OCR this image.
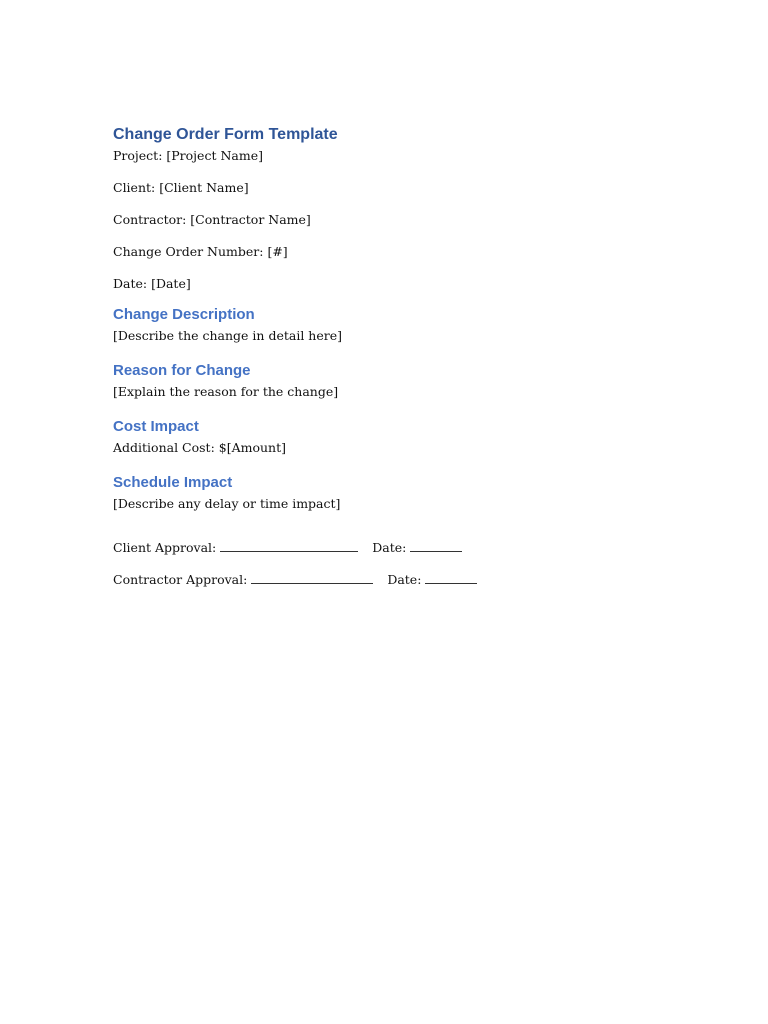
Change Order Form Template

Project: [Project Name]

Client: [Client Name]

Contractor: [Contractor Name]

Change Order Number: [#]

Date: [Date]

Change Description

[Describe the change in detail here]

Reason for Change

[Explain the reason for the change]

Cost Impact

Additional Cost: $[Amount]

Schedule Impact

[Describe any delay or time impact]

Client Approval:	Date:

Contractor Approval:	Date:
